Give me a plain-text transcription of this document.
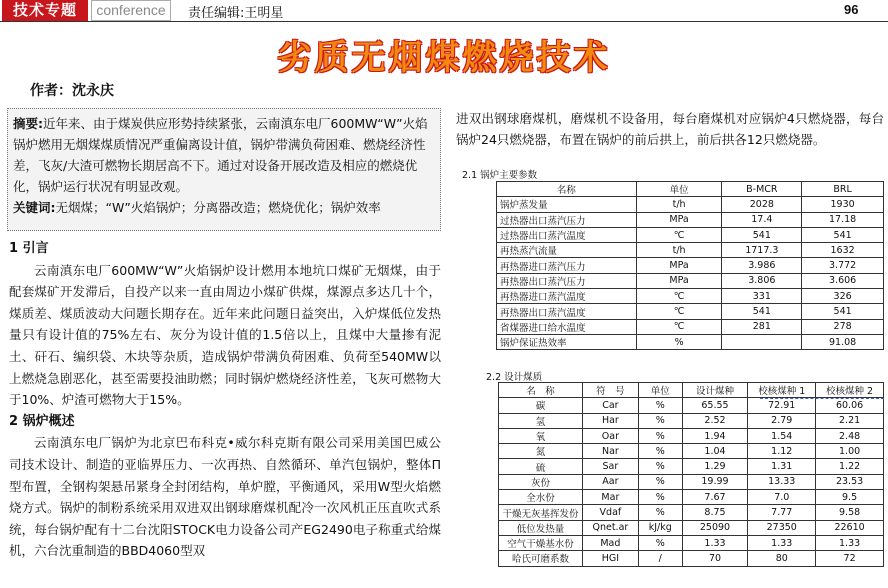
技术专题	conference	责任编辑:王明星	96
劣质无烟煤燃烧技术
作者：沈永庆
摘要:近年来、由于煤炭供应形势持续紧张，云南滇东电厂600MW“W”火焰锅炉燃用无烟煤煤质情况严重偏离设计值，锅炉带满负荷困难、燃烧经济性差，飞灰/大渣可燃物长期居高不下。通过对设备开展改造及相应的燃烧优化，锅炉运行状况有明显改观。
关键词:无烟煤；“W”火焰锅炉；分离器改造；燃烧优化；锅炉效率
1 引言

云南滇东电厂600MW“W”火焰锅炉设计燃用本地坑口煤矿无烟煤，由于配套煤矿开发滞后，自投产以来一直由周边小煤矿供煤，煤源点多达几十个，煤质差、煤质波动大问题长期存在。近年来此问题日益突出，入炉煤低位发热量只有设计值的75%左右、灰分为设计值的1.5倍以上，且煤中大量掺有泥土、矸石、编织袋、木块等杂质，造成锅炉带满负荷困难、负荷至540MW以上燃烧急剧恶化，甚至需要投油助燃；同时锅炉燃烧经济性差，飞灰可燃物大于10%、炉渣可燃物大于15%。

2 锅炉概述

云南滇东电厂锅炉为北京巴布科克•威尔科克斯有限公司采用美国巴威公司技术设计、制造的亚临界压力、一次再热、自然循环、单汽包锅炉，整体Π型布置，全钢构架悬吊紧身全封闭结构，单炉膛，平衡通风，采用W型火焰燃烧方式。锅炉的制粉系统采用双进双出钢球磨煤机配冷一次风机正压直吹式系统，每台锅炉配有十二台沈阳STOCK电力设备公司产EG2490电子称重式给煤机，六台沈重制造的BBD4060型双

进双出钢球磨煤机，磨煤机不设备用，每台磨煤机对应锅炉4只燃烧器，每台锅炉24只燃烧器，布置在锅炉的前后拱上，前后拱各12只燃烧器。
2.1 锅炉主要参数
名称	单位	B-MCR	BRL
锅炉蒸发量	t/h	2028	1930
过热器出口蒸汽压力	MPa	17.4	17.18
过热器出口蒸汽温度	℃	541	541
再热蒸汽流量	t/h	1717.3	1632
再热器进口蒸汽压力	MPa	3.986	3.772
再热器出口蒸汽压力	MPa	3.806	3.606
再热器进口蒸汽温度	℃	331	326
再热器出口蒸汽温度	℃	541	541
省煤器进口给水温度	℃	281	278
锅炉保证热效率	%		91.08
2.2 设计煤质
名　称	符　号	单位	设计煤种	校核煤种 1	校核煤种 2
碳	Car	%	65.55	72.91	60.06
氢	Har	%	2.52	2.79	2.21
氧	Oar	%	1.94	1.54	2.48
氮	Nar	%	1.04	1.12	1.00
硫	Sar	%	1.29	1.31	1.22
灰份	Aar	%	19.99	13.33	23.53
全水份	Mar	%	7.67	7.0	9.5
干燥无灰基挥发份	Vdaf	%	8.75	7.77	9.58
低位发热量	Qnet.ar	kJ/kg	25090	27350	22610
空气干燥基水份	Mad	%	1.33	1.33	1.33
哈氏可磨系数	HGI	/	70	80	72
